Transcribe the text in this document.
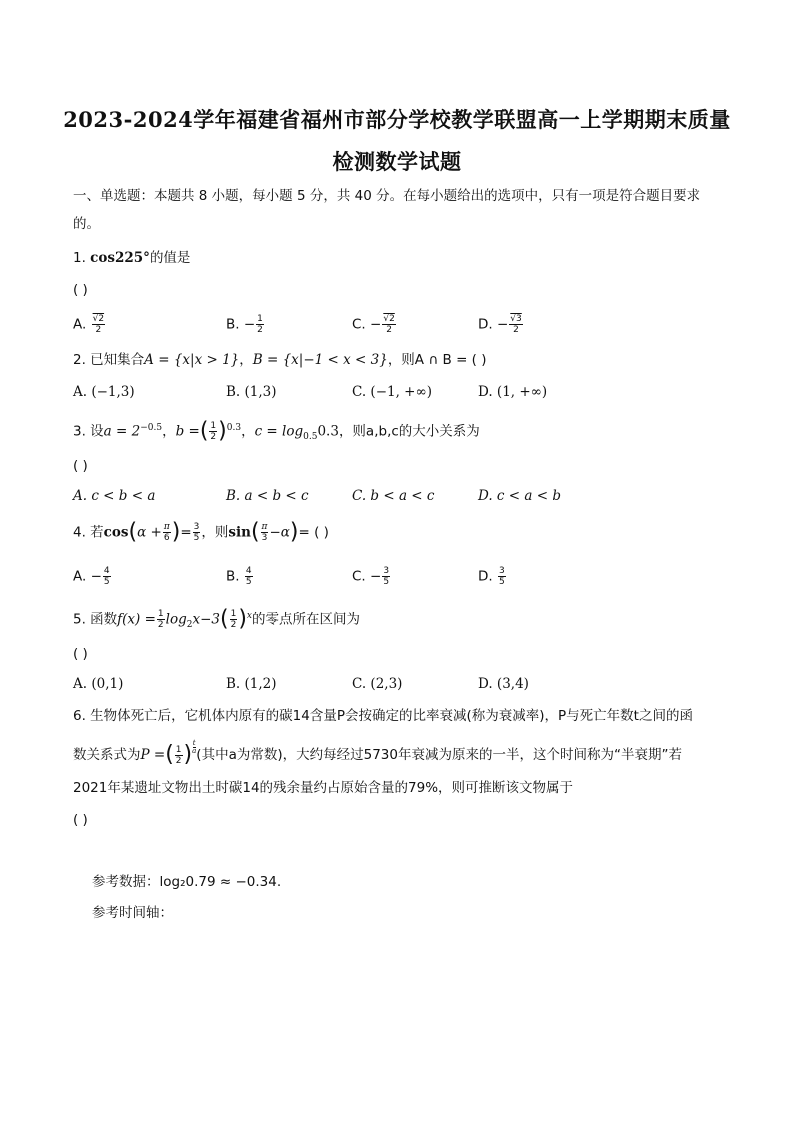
2023-2024学年福建省福州市部分学校教学联盟高一上学期期末质量
检测数学试题
一、单选题：本题共 8 小题，每小题 5 分，共 40 分。在每小题给出的选项中，只有一项是符合题目要求
的。
1. cos225°的值是
( )
A. $\frac{√2}{2}$	B. − $\frac{1}{2}$	C. − $\frac{√2}{2}$	D. − $\frac{√3}{2}$
2. 已知集合A = {x|x > 1}，B = {x|−1 < x < 3}，则A ∩ B = ( )
A. (−1,3)	B. (1,3)	C. (−1, +∞)	D. (1, +∞)
3. 设$a = 2^{-0.5}$，b =( $\frac{1}{2} )^{0.3}$，$c = \log_{0.5}0.3$，则a,b,c的大小关系为
( )
A. c < b < a	B. a < b < c	C. b < a < c	D. c < a < b
4. 若$\cos(\alpha + \frac{\pi}{6}$ )= $\frac{3}{5}$ ，则$\sin( \frac{\pi}{3} -\alpha)=$ ( )
A. − $\frac{4}{5}$	B. $\frac{4}{5}$	C. − $\frac{3}{5}$	D. $\frac{3}{5}$
5. 函数$f(x) = \frac{1}{2} \log_2x-3( \frac{1}{2} )^x$的零点所在区间为
( )
A. (0,1)	B. (1,2)	C. (2,3)	D. (3,4)
6. 生物体死亡后，它机体内原有的碳14含量P会按确定的比率衰减(称为衰减率)，P与死亡年数t之间的函
数关系式为P =( $\frac{1}{2}$ ) $\frac{t}{a}$ (其中a为常数)，大约每经过5730年衰减为原来的一半，这个时间称为“半衰期”若
2021年某遗址文物出土时碳14的残余量约占原始含量的79%，则可推断该文物属于
( )
参考数据：log₂0.79 ≈ −0.34.
参考时间轴：
